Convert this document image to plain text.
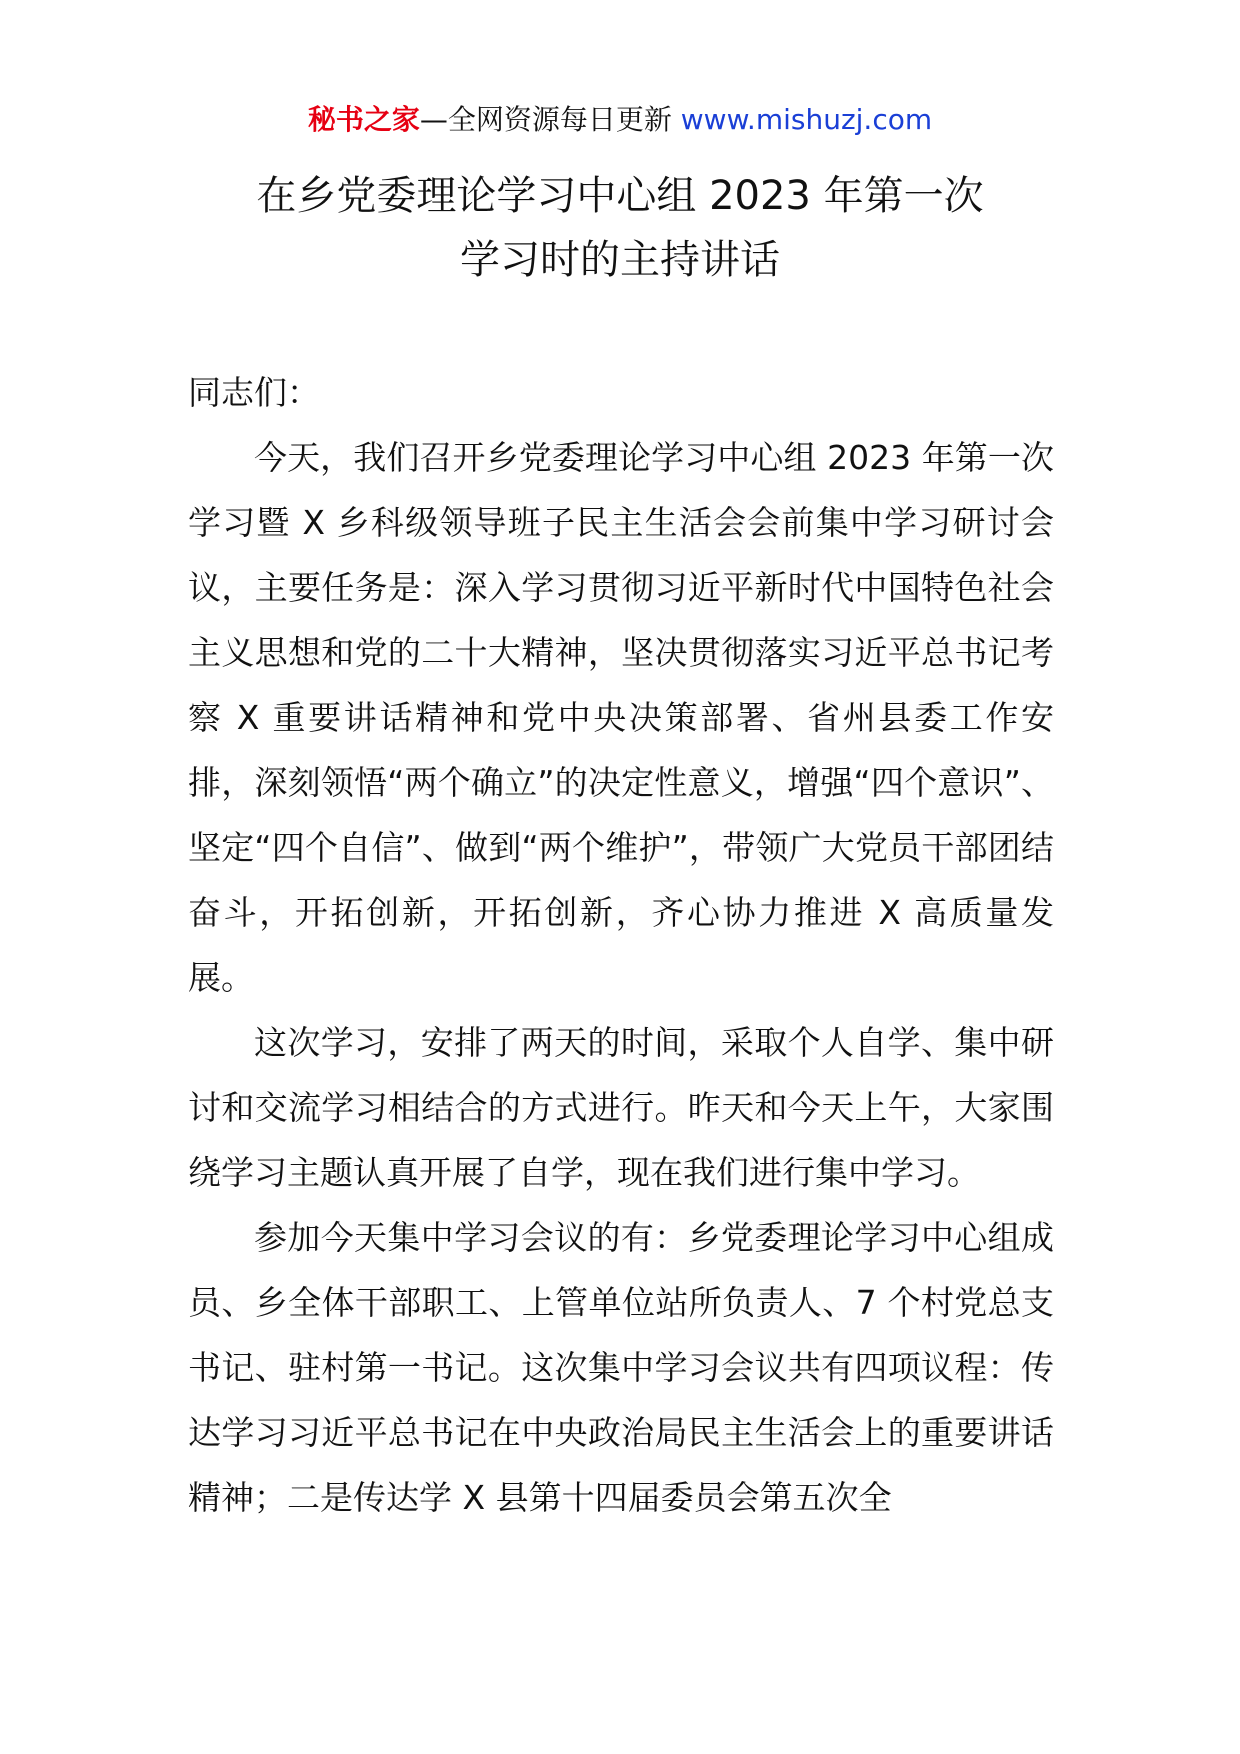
秘书之家—全网资源每日更新 www.mishuzj.com
在乡党委理论学习中心组 2023 年第一次
学习时的主持讲话

同志们：

今天，我们召开乡党委理论学习中心组 2023 年第一次学习暨 X 乡科级领导班子民主生活会会前集中学习研讨会议，主要任务是：深入学习贯彻习近平新时代中国特色社会主义思想和党的二十大精神，坚决贯彻落实习近平总书记考察 X 重要讲话精神和党中央决策部署、省州县委工作安排，深刻领悟“两个确立”的决定性意义，增强“四个意识”、坚定“四个自信”、做到“两个维护”，带领广大党员干部团结奋斗，开拓创新，开拓创新，齐心协力推进 X 高质量发展。

这次学习，安排了两天的时间，采取个人自学、集中研讨和交流学习相结合的方式进行。昨天和今天上午，大家围绕学习主题认真开展了自学，现在我们进行集中学习。

参加今天集中学习会议的有：乡党委理论学习中心组成员、乡全体干部职工、上管单位站所负责人、7 个村党总支书记、驻村第一书记。这次集中学习会议共有四项议程：传达学习习近平总书记在中央政治局民主生活会上的重要讲话精神；二是传达学 X 县第十四届委员会第五次全
